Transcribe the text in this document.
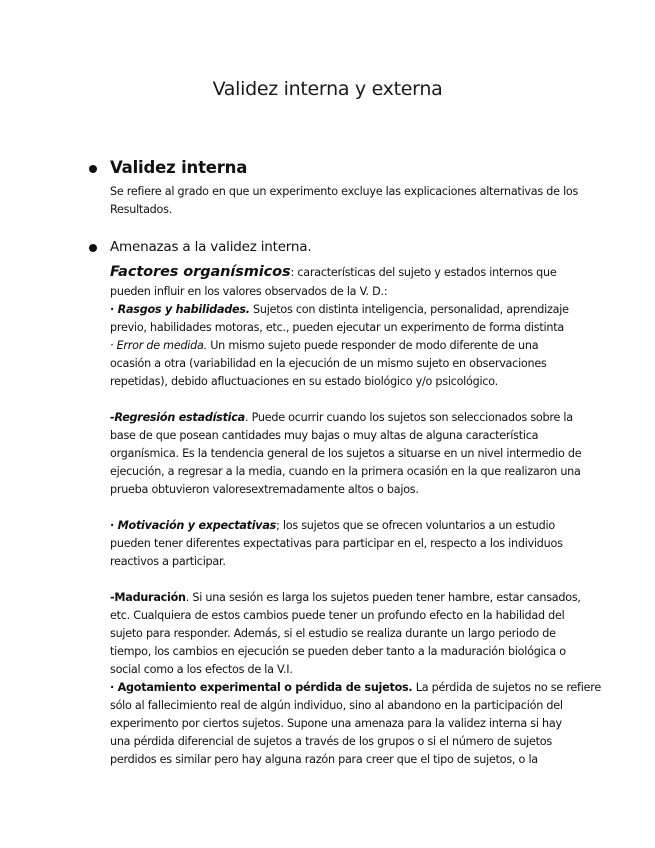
Validez interna y externa
Validez interna
Se refiere al grado en que un experimento excluye las explicaciones alternativas de los
Resultados.
Amenazas a la validez interna.
Factores organísmicos: características del sujeto y estados internos que
pueden influir en los valores observados de la V. D.:
· Rasgos y habilidades. Sujetos con distinta inteligencia, personalidad, aprendizaje
previo, habilidades motoras, etc., pueden ejecutar un experimento de forma distinta
· Error de medida. Un mismo sujeto puede responder de modo diferente de una
ocasión a otra (variabilidad en la ejecución de un mismo sujeto en observaciones
repetidas), debido afluctuaciones en su estado biológico y/o psicológico.
-Regresión estadística. Puede ocurrir cuando los sujetos son seleccionados sobre la
base de que posean cantidades muy bajas o muy altas de alguna característica
organísmica. Es la tendencia general de los sujetos a situarse en un nivel intermedio de
ejecución, a regresar a la media, cuando en la primera ocasión en la que realizaron una
prueba obtuvieron valoresextremadamente altos o bajos.
· Motivación y expectativas; los sujetos que se ofrecen voluntarios a un estudio
pueden tener diferentes expectativas para participar en el, respecto a los individuos
reactivos a participar.
-Maduración. Si una sesión es larga los sujetos pueden tener hambre, estar cansados,
etc. Cualquiera de estos cambios puede tener un profundo efecto en la habilidad del
sujeto para responder. Además, si el estudio se realiza durante un largo periodo de
tiempo, los cambios en ejecución se pueden deber tanto a la maduración biológica o
social como a los efectos de la V.I.
· Agotamiento experimental o pérdida de sujetos. La pérdida de sujetos no se refiere
sólo al fallecimiento real de algún individuo, sino al abandono en la participación del
experimento por ciertos sujetos. Supone una amenaza para la validez interna si hay
una pérdida diferencial de sujetos a través de los grupos o si el número de sujetos
perdidos es similar pero hay alguna razón para creer que el tipo de sujetos, o la
